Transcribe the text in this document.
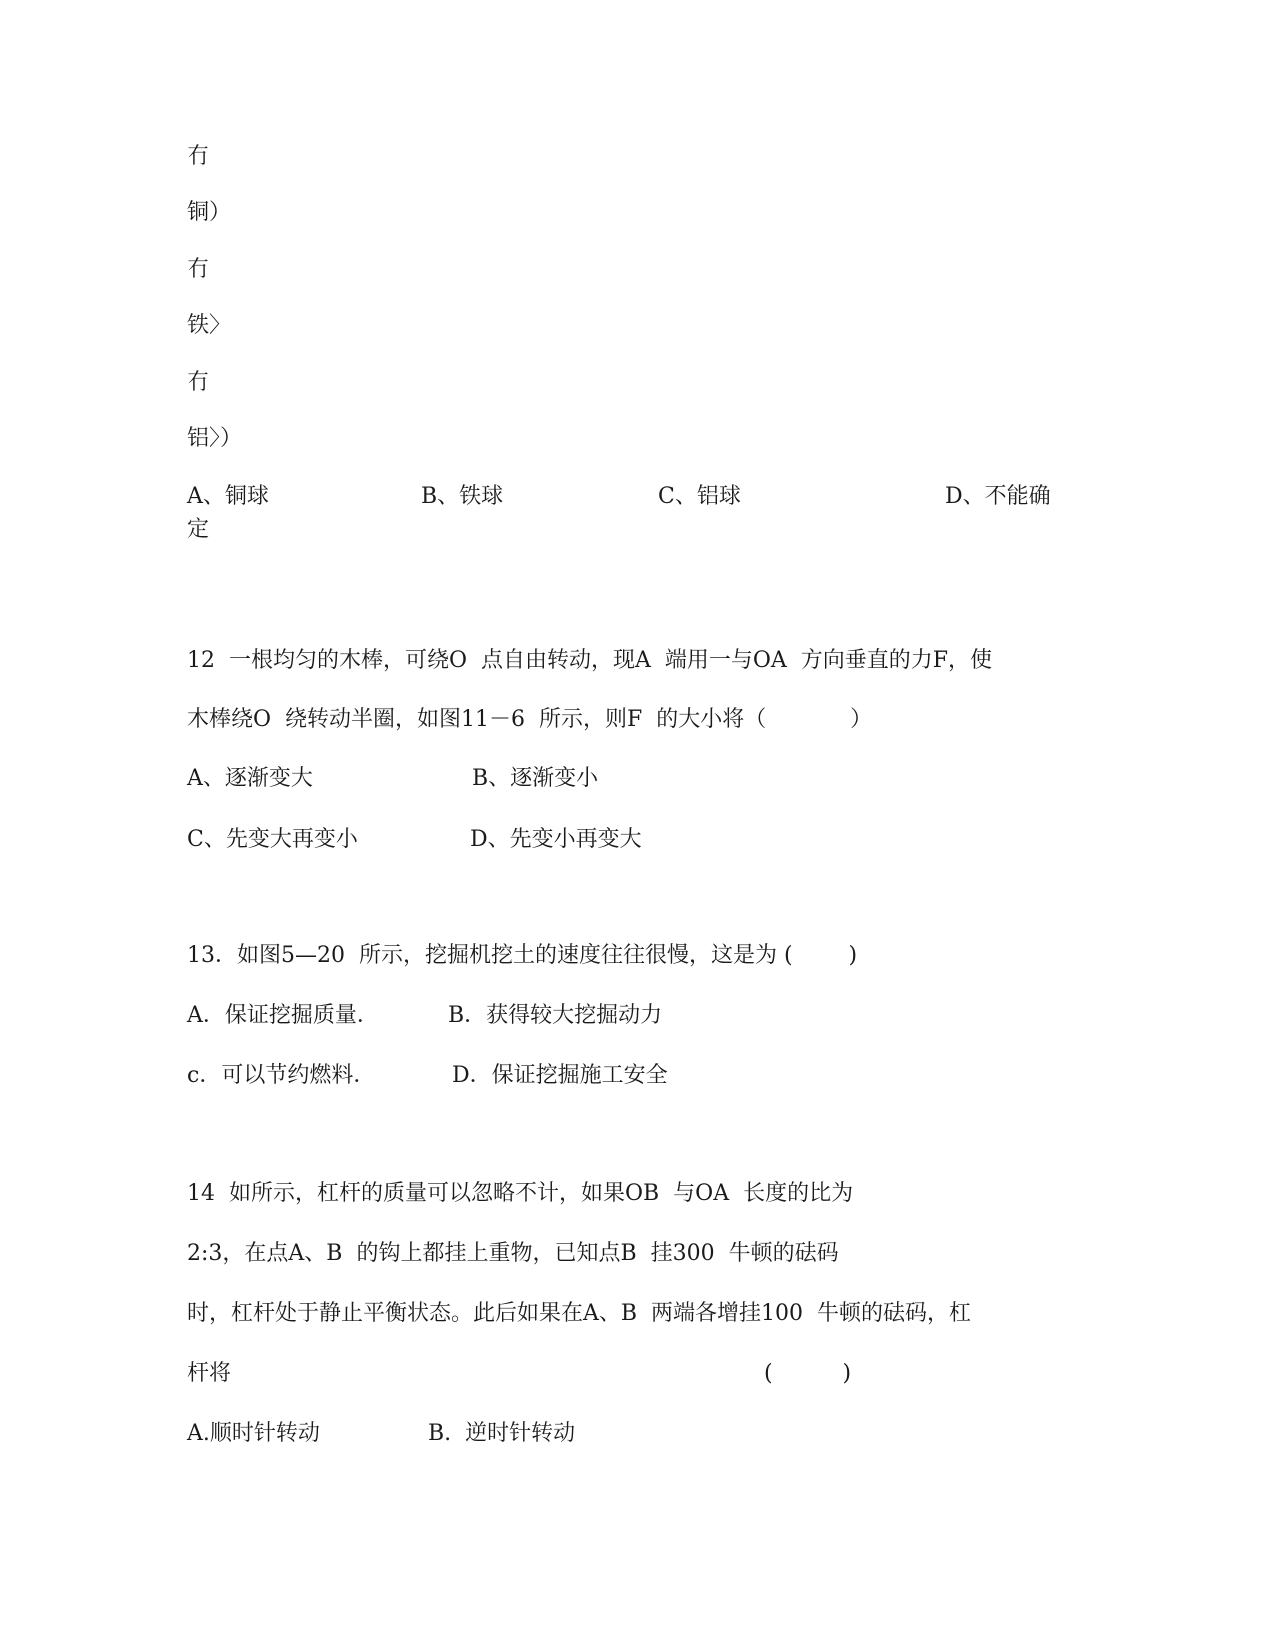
冇
铜）
冇
铁〉
冇
铝〉）
A、铜球	B、铁球	C、铝球	D、不能确
定
12  一根均匀的木棒，可绕O  点自由转动，现A  端用一与OA  方向垂直的力F，使
木棒绕O  绕转动半圈，如图11－6  所示，则F  的大小将（            ）
A、逐渐变大	B、逐渐变小
C、先变大再变小	D、先变小再变大
13．如图5—20  所示，挖掘机挖土的速度往往很慢，这是为 (        )
A．保证挖掘质量．	B．获得较大挖掘动力
c．可以节约燃料．	D．保证挖掘施工安全
14  如所示，杠杆的质量可以忽略不计，如果OB  与OA  长度的比为
2:3，在点A、B  的钩上都挂上重物，已知点B  挂300  牛顿的砝码
时，杠杆处于静止平衡状态。此后如果在A、B  两端各增挂100  牛顿的砝码，杠
杆将	(          )
A.顺时针转动	B.  逆时针转动
